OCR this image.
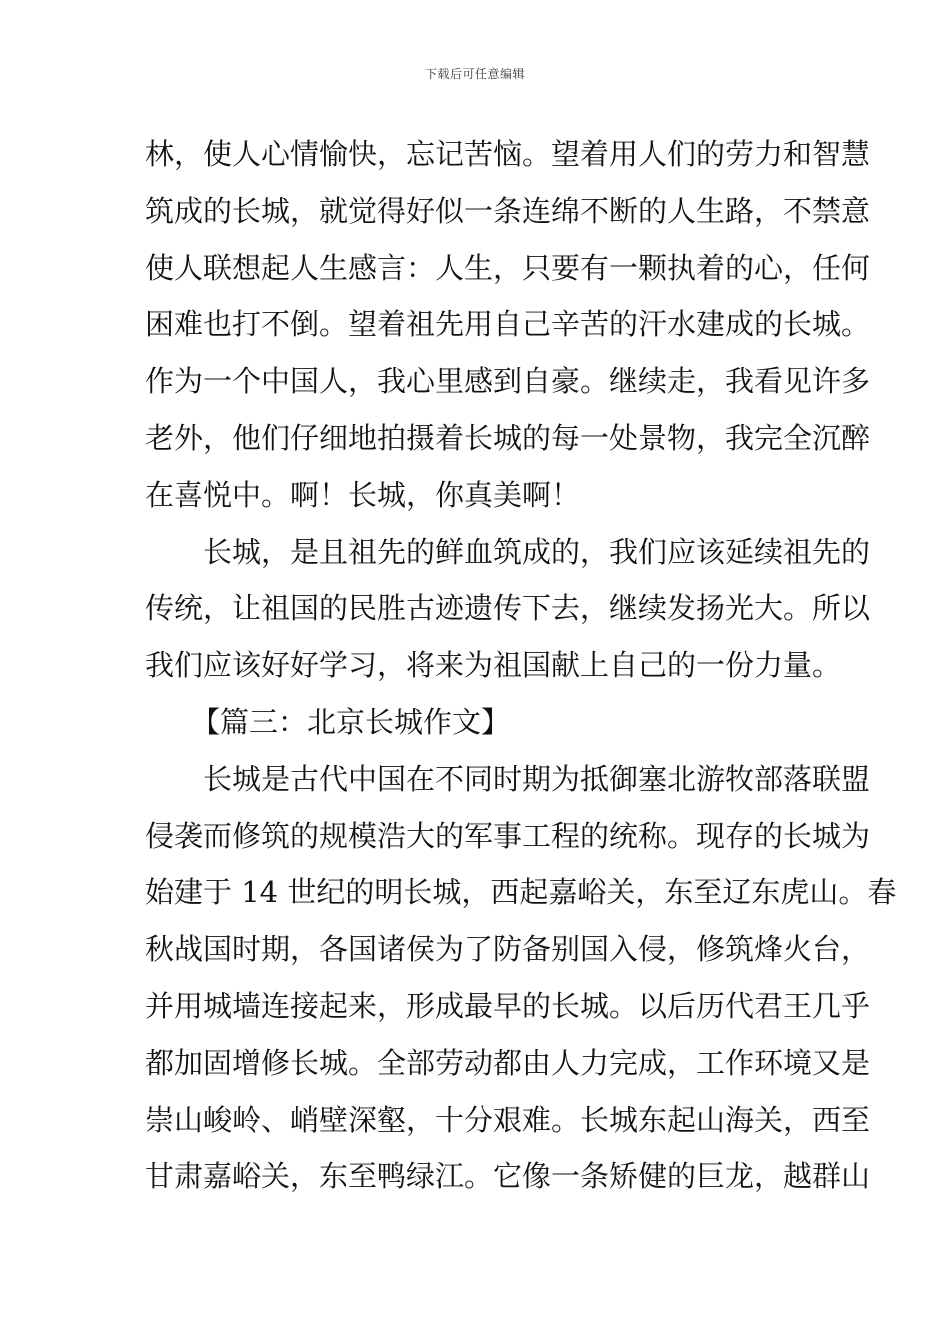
下载后可任意编辑
林，使人心情愉快，忘记苦恼。望着用人们的劳力和智慧
筑成的长城，就觉得好似一条连绵不断的人生路，不禁意
使人联想起人生感言：人生，只要有一颗执着的心，任何
困难也打不倒。望着祖先用自己辛苦的汗水建成的长城。
作为一个中国人，我心里感到自豪。继续走，我看见许多
老外，他们仔细地拍摄着长城的每一处景物，我完全沉醉
在喜悦中。啊！长城，你真美啊！
长城，是且祖先的鲜血筑成的，我们应该延续祖先的
传统，让祖国的民胜古迹遗传下去，继续发扬光大。所以
我们应该好好学习，将来为祖国献上自己的一份力量。
【篇三：北京长城作文】
长城是古代中国在不同时期为抵御塞北游牧部落联盟
侵袭而修筑的规模浩大的军事工程的统称。现存的长城为
始建于 14 世纪的明长城，西起嘉峪关，东至辽东虎山。春
秋战国时期，各国诸侯为了防备别国入侵，修筑烽火台，
并用城墙连接起来，形成最早的长城。以后历代君王几乎
都加固增修长城。全部劳动都由人力完成，工作环境又是
崇山峻岭、峭壁深壑，十分艰难。长城东起山海关，西至
甘肃嘉峪关，东至鸭绿江。它像一条矫健的巨龙，越群山
